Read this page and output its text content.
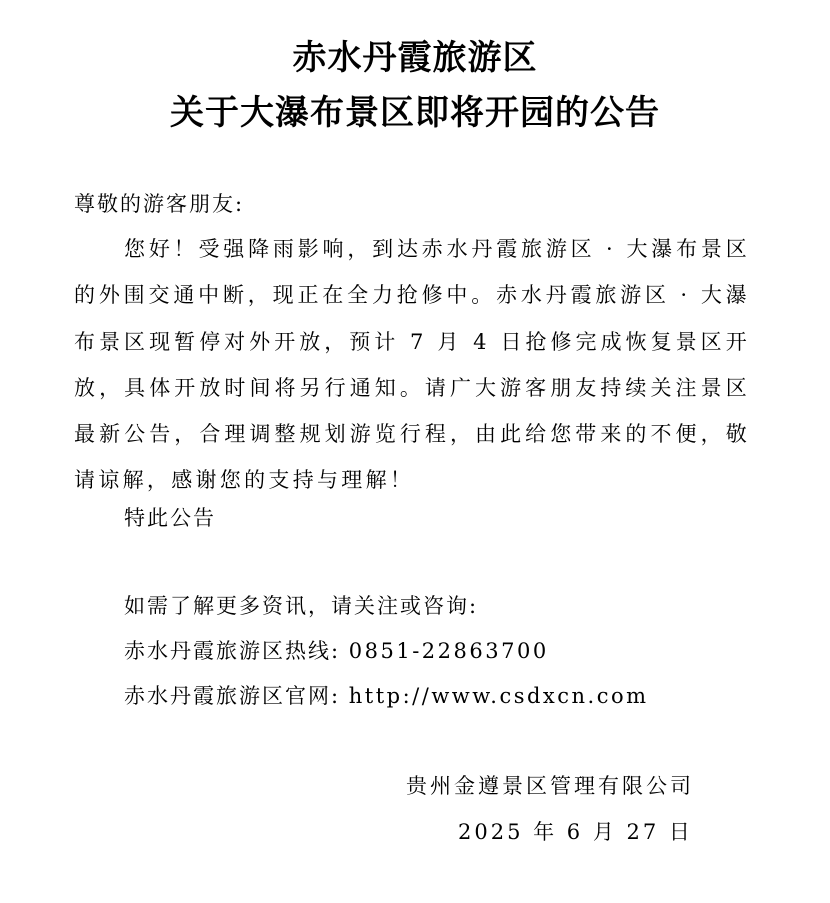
赤水丹霞旅游区
关于大瀑布景区即将开园的公告

尊敬的游客朋友:

您好！受强降雨影响，到达赤水丹霞旅游区 · 大瀑布景区的外围交通中断，现正在全力抢修中。赤水丹霞旅游区 · 大瀑布景区现暂停对外开放，预计 7 月 4 日抢修完成恢复景区开放，具体开放时间将另行通知。请广大游客朋友持续关注景区最新公告，合理调整规划游览行程，由此给您带来的不便，敬请谅解，感谢您的支持与理解！

特此公告

如需了解更多资讯，请关注或咨询:

赤水丹霞旅游区热线: 0851-22863700

赤水丹霞旅游区官网: http://www.csdxcn.com

贵州金遵景区管理有限公司

2025 年 6 月 27 日
